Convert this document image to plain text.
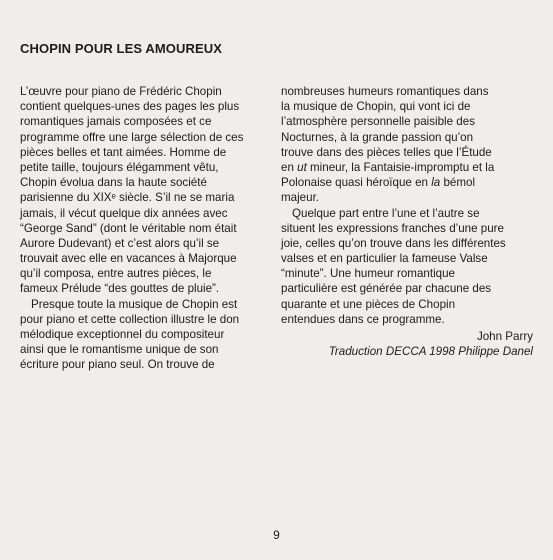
CHOPIN POUR LES AMOUREUX
L’œuvre pour piano de Frédéric Chopin
contient quelques-unes des pages les plus
romantiques jamais composées et ce
programme offre une large sélection de ces
pièces belles et tant aimées. Homme de
petite taille, toujours élégamment vêtu,
Chopin évolua dans la haute société
parisienne du XIXᵉ siècle. S’il ne se maria
jamais, il vécut quelque dix années avec
“George Sand” (dont le véritable nom était
Aurore Dudevant) et c’est alors qu’il se
trouvait avec elle en vacances à Majorque
qu’il composa, entre autres pièces, le
fameux Prélude “des gouttes de pluie”.
Presque toute la musique de Chopin est
pour piano et cette collection illustre le don
mélodique exceptionnel du compositeur
ainsi que le romantisme unique de son
écriture pour piano seul. On trouve de
nombreuses humeurs romantiques dans
la musique de Chopin, qui vont ici de
l’atmosphère personnelle paisible des
Nocturnes, à la grande passion qu’on
trouve dans des pièces telles que l’Étude
en ut mineur, la Fantaisie-impromptu et la
Polonaise quasi héroïque en la bémol
majeur.
Quelque part entre l’une et l’autre se
situent les expressions franches d’une pure
joie, celles qu’on trouve dans les différentes
valses et en particulier la fameuse Valse
“minute”. Une humeur romantique
particulière est générée par chacune des
quarante et une pièces de Chopin
entendues dans ce programme.
John Parry
Traduction DECCA 1998 Philippe Danel
9
